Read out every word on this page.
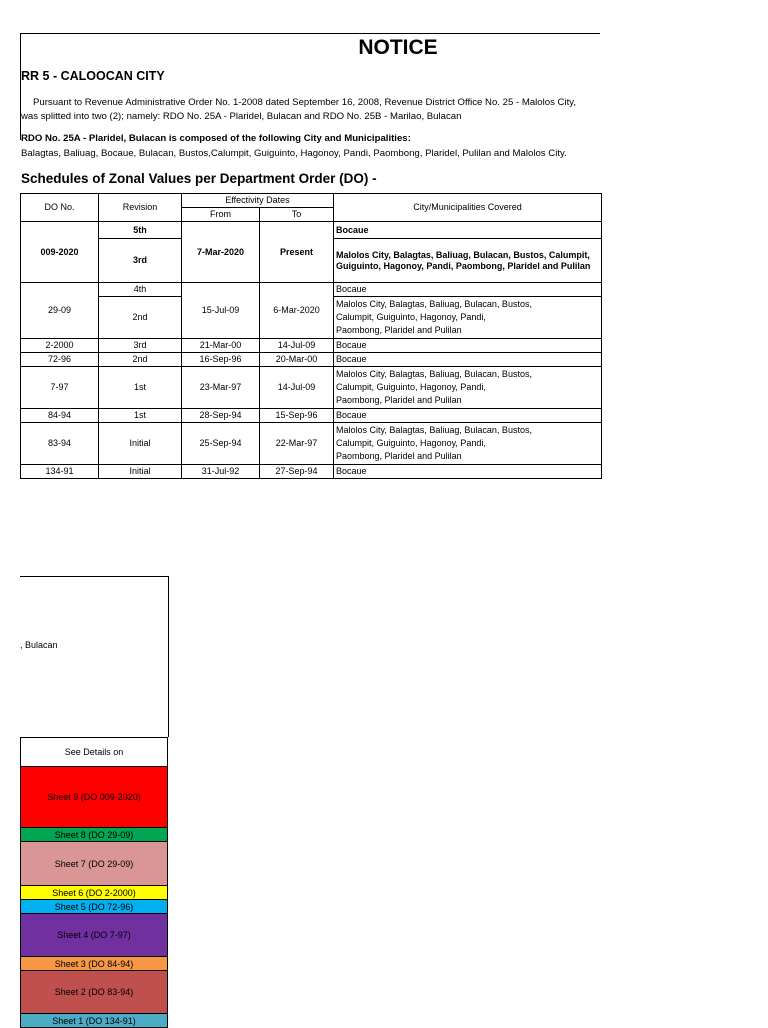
NOTICE
RR 5 - CALOOCAN CITY
Pursuant to Revenue Administrative Order No. 1-2008 dated September 16, 2008, Revenue District Office No. 25 - Malolos City,
was splitted into two (2); namely: RDO No. 25A - Plaridel, Bulacan and RDO No. 25B - Marilao, Bulacan
RDO No. 25A - Plaridel, Bulacan is composed of the following City and Municipalities:
Balagtas, Baliuag, Bocaue, Bulacan, Bustos,Calumpit, Guiguinto, Hagonoy, Pandi, Paombong, Plaridel, Pulilan and Malolos City.
Schedules of Zonal Values per Department Order (DO) -
DO No.	Revision	Effectivity Dates		City/Municipalities Covered
		From	To	
009-2020	5th	7-Mar-2020	Present	Bocaue
	3rd			Malolos City, Balagtas, Baliuag, Bulacan, Bustos, Calumpit, Guiguinto, Hagonoy, Pandi, Paombong, Plaridel and Pulilan
29-09	4th	15-Jul-09	6-Mar-2020	Bocaue
	2nd			Malolos City, Balagtas, Baliuag, Bulacan, Bustos,
Calumpit, Guiguinto, Hagonoy, Pandi,
Paombong, Plaridel and Pulilan

2-2000	3rd	21-Mar-00	14-Jul-09	Bocaue
72-96	2nd	16-Sep-96	20-Mar-00	Bocaue
7-97	1st	23-Mar-97	14-Jul-09	Malolos City, Balagtas, Baliuag, Bulacan, Bustos,
Calumpit, Guiguinto, Hagonoy, Pandi,
Paombong, Plaridel and Pulilan

84-94	1st	28-Sep-94	15-Sep-96	Bocaue
83-94	Initial	25-Sep-94	22-Mar-97	Malolos City, Balagtas, Baliuag, Bulacan, Bustos,
Calumpit, Guiguinto, Hagonoy, Pandi,
Paombong, Plaridel and Pulilan

134-91	Initial	31-Jul-92	27-Sep-94	Bocaue
, Bulacan
See Details on
Sheet 9 (DO 009-2020)
Sheet 8 (DO 29-09)
Sheet 7 (DO 29-09)
Sheet 6 (DO 2-2000)
Sheet 5 (DO 72-96)
Sheet 4 (DO 7-97)
Sheet 3 (DO 84-94)
Sheet 2 (DO 83-94)
Sheet 1 (DO 134-91)
